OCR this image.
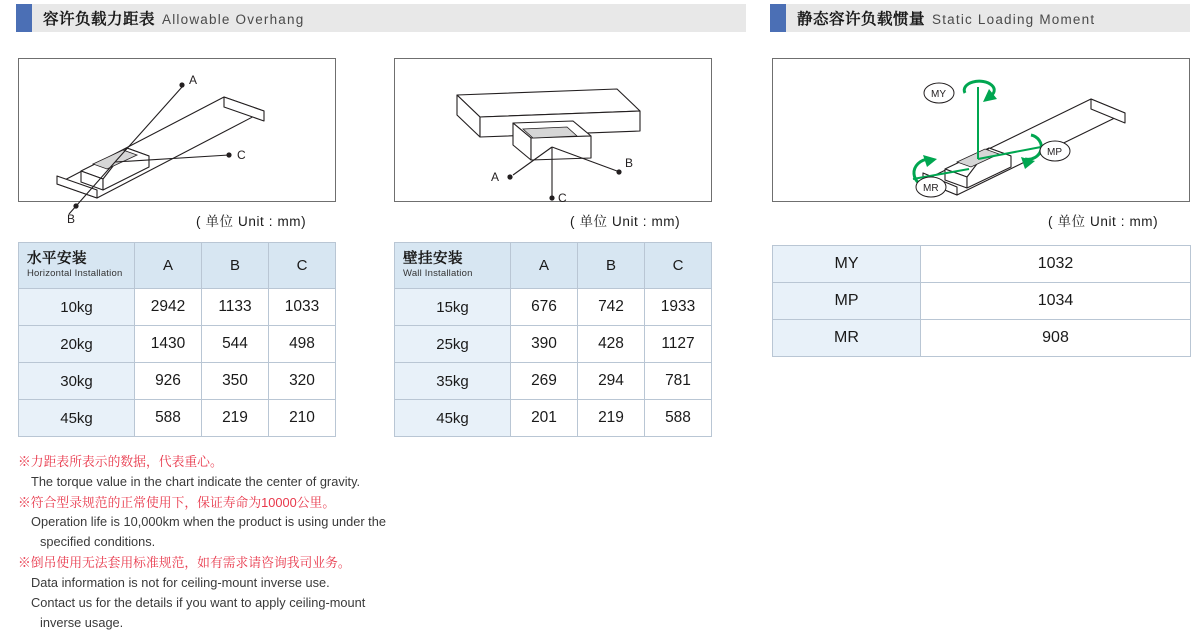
容许负载力距表 Allowable Overhang	静态容许负载惯量 Static Loading Moment
A
C
B	( 单位 Unit : mm)
A
B
C
( 单位 Unit : mm)
MY
MP
MR
( 单位 Unit : mm)
水平安装
Horizontal Installation	A	B	C
10kg	2942	1133	1033
20kg	1430	544	498
30kg	926	350	320
45kg	588	219	210
壁挂安装
Wall Installation	A	B	C
15kg	676	742	1933
25kg	390	428	1127
35kg	269	294	781
45kg	201	219	588
MY	1032
MP	1034
MR	908
※力距表所表示的数据，代表重心。
The torque value in the chart indicate the center of gravity.
※符合型录规范的正常使用下，保证寿命为10000公里。
Operation life is 10,000km when the product is using under the
specified conditions.
※倒吊使用无法套用标准规范，如有需求请咨询我司业务。
Data information is not for ceiling-mount inverse use.
Contact us for the details if you want to apply ceiling-mount
inverse usage.
